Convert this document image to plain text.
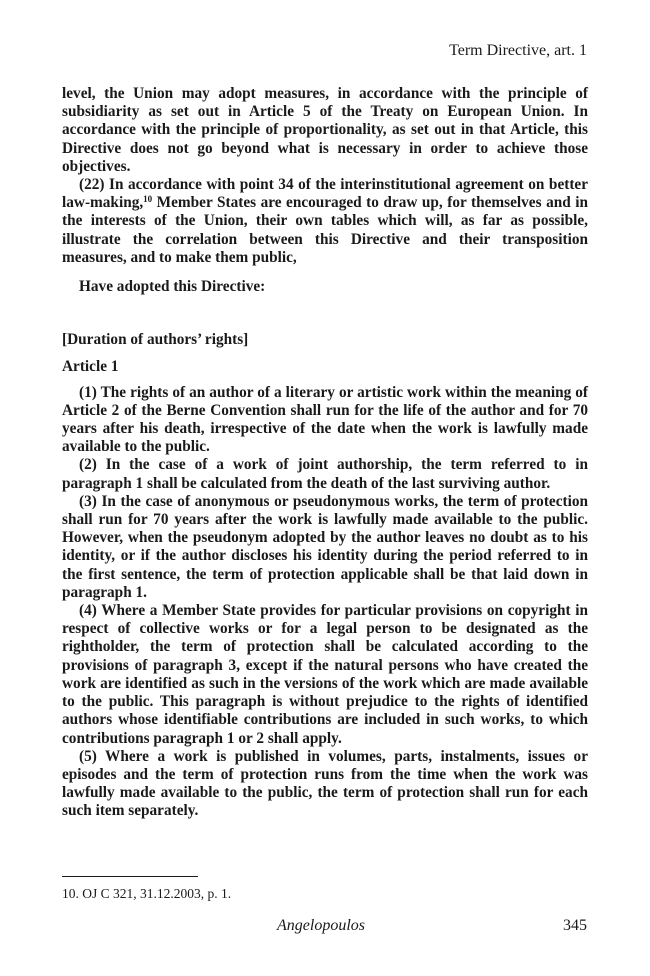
Term Directive, art. 1

level, the Union may adopt measures, in accordance with the principle of subsidiarity as set out in Article 5 of the Treaty on European Union. In accordance with the principle of proportionality, as set out in that Article, this Directive does not go beyond what is necessary in order to achieve those objectives.

(22) In accordance with point 34 of the interinstitutional agreement on better law-making,$^{10}$ Member States are encouraged to draw up, for themselves and in the interests of the Union, their own tables which will, as far as possible, illustrate the correlation between this Directive and their transposition measures, and to make them public,

Have adopted this Directive:

[Duration of authors’ rights]

Article 1

(1) The rights of an author of a literary or artistic work within the meaning of Article 2 of the Berne Convention shall run for the life of the author and for 70 years after his death, irrespective of the date when the work is lawfully made available to the public.

(2) In the case of a work of joint authorship, the term referred to in paragraph 1 shall be calculated from the death of the last surviving author.

(3) In the case of anonymous or pseudonymous works, the term of protection shall run for 70 years after the work is lawfully made available to the public. However, when the pseudonym adopted by the author leaves no doubt as to his identity, or if the author discloses his identity during the period referred to in the first sentence, the term of protection applicable shall be that laid down in paragraph 1.

(4) Where a Member State provides for particular provisions on copyright in respect of collective works or for a legal person to be designated as the rightholder, the term of protection shall be calculated according to the provisions of paragraph 3, except if the natural persons who have created the work are identified as such in the versions of the work which are made available to the public. This paragraph is without prejudice to the rights of identified authors whose identifiable contributions are included in such works, to which contributions paragraph 1 or 2 shall apply.

(5) Where a work is published in volumes, parts, instalments, issues or episodes and the term of protection runs from the time when the work was lawfully made available to the public, the term of protection shall run for each such item separately.

10. OJ C 321, 31.12.2003, p. 1.
Angelopoulos	345
